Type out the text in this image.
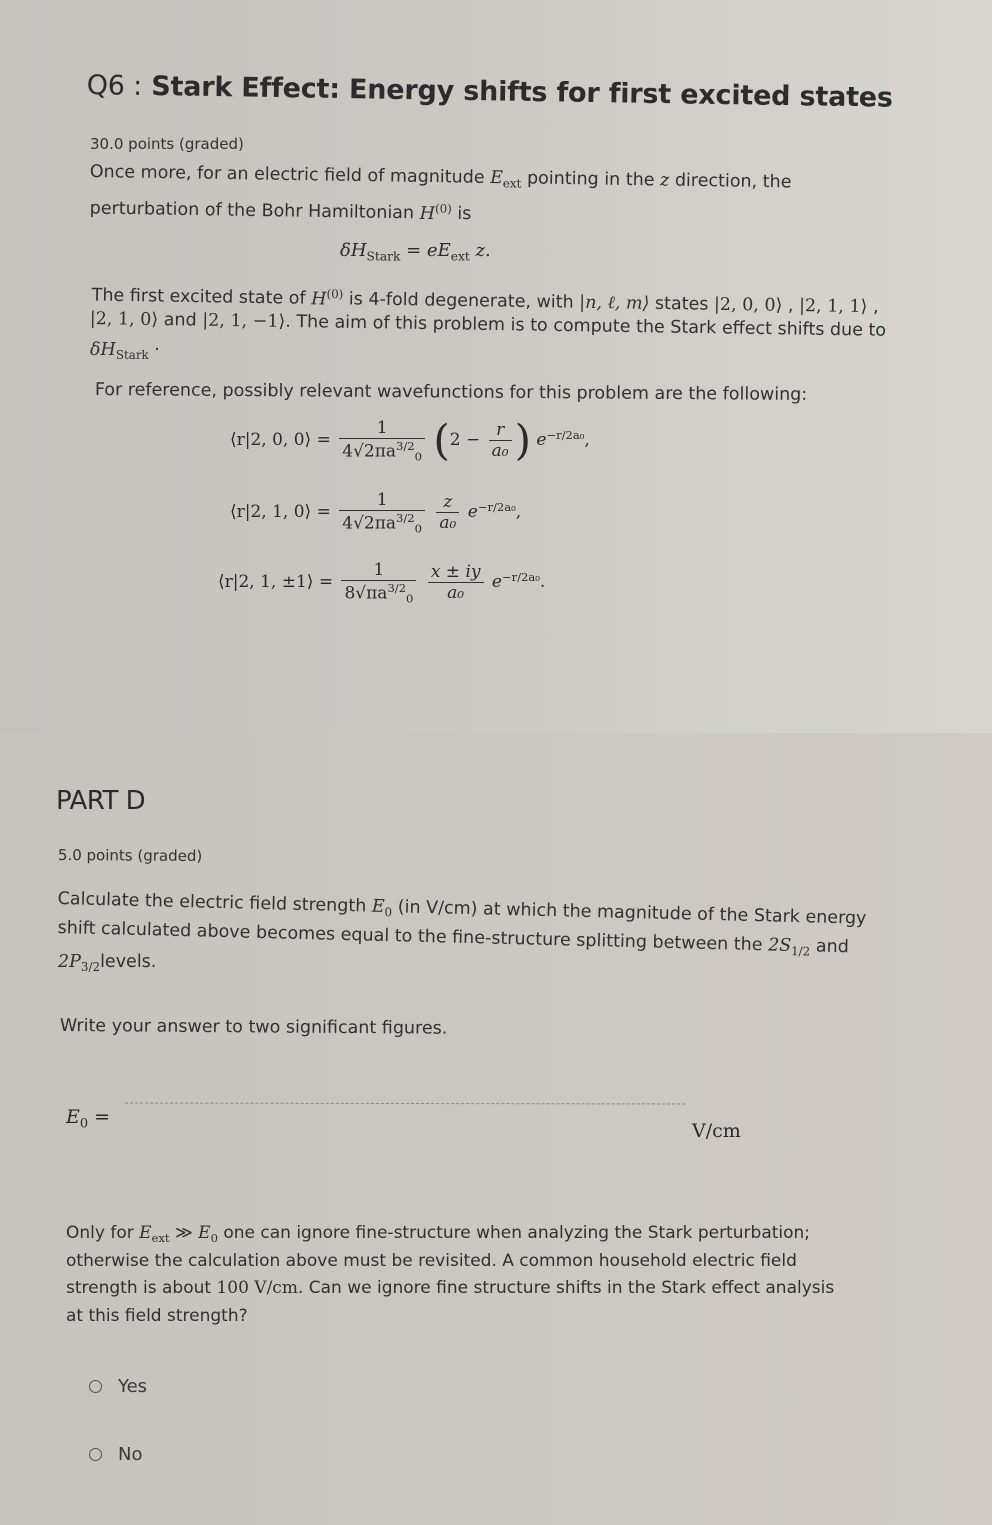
Q6 : Stark Effect: Energy shifts for first excited states
30.0 points (graded)
Once more, for an electric field of magnitude $E_{ext}$ pointing in the z direction, the
perturbation of the Bohr Hamiltonian $H^{(0)}$ is
$\delta H_{Stark} = eE_{ext}$ z.
The first excited state of $H^{(0)}$ is 4-fold degenerate, with |n, ℓ, m⟩ states |2, 0, 0⟩ , |2, 1, 1⟩ ,
|2, 1, 0⟩ and |2, 1, −1⟩. The aim of this problem is to compute the Stark effect shifts due to
$\delta H_{Stark}$ ·
For reference, possibly relevant wavefunctions for this problem are the following:
⟨r|2, 0, 0⟩ = $\frac{1}{4√2\pi a^{3/2}_0} (2 - \frac{r}{\text{a₀}}$ ) $e^{-r/2a_0}$,
⟨r|2, 1, 0⟩ = $\frac{1}{4√2\pi a^{3/2}_0}$
$\frac{z}{\text{a₀}} e^{-r/2a_0}$,
⟨r|2, 1, ±1⟩ = $\frac{1}{8√\pi a^{3/2}_0}$
$\frac{x \pm iy}{\text{a₀}} e^{-r/2a_0}$.
PART D
5.0 points (graded)
Calculate the electric field strength $E_0$ (in V/cm) at which the magnitude of the Stark energy
shift calculated above becomes equal to the fine-structure splitting between the $2S_{1/2}$ and
$2P_{3/2}levels$.
Write your answer to two significant figures.
$E_0$ =
V/cm
Only for $E_{ext}$ ≫ $E_0$ one can ignore fine-structure when analyzing the Stark perturbation;
otherwise the calculation above must be revisited. A common household electric field
strength is about 100 V/cm. Can we ignore fine structure shifts in the Stark effect analysis
at this field strength?
Yes
No
